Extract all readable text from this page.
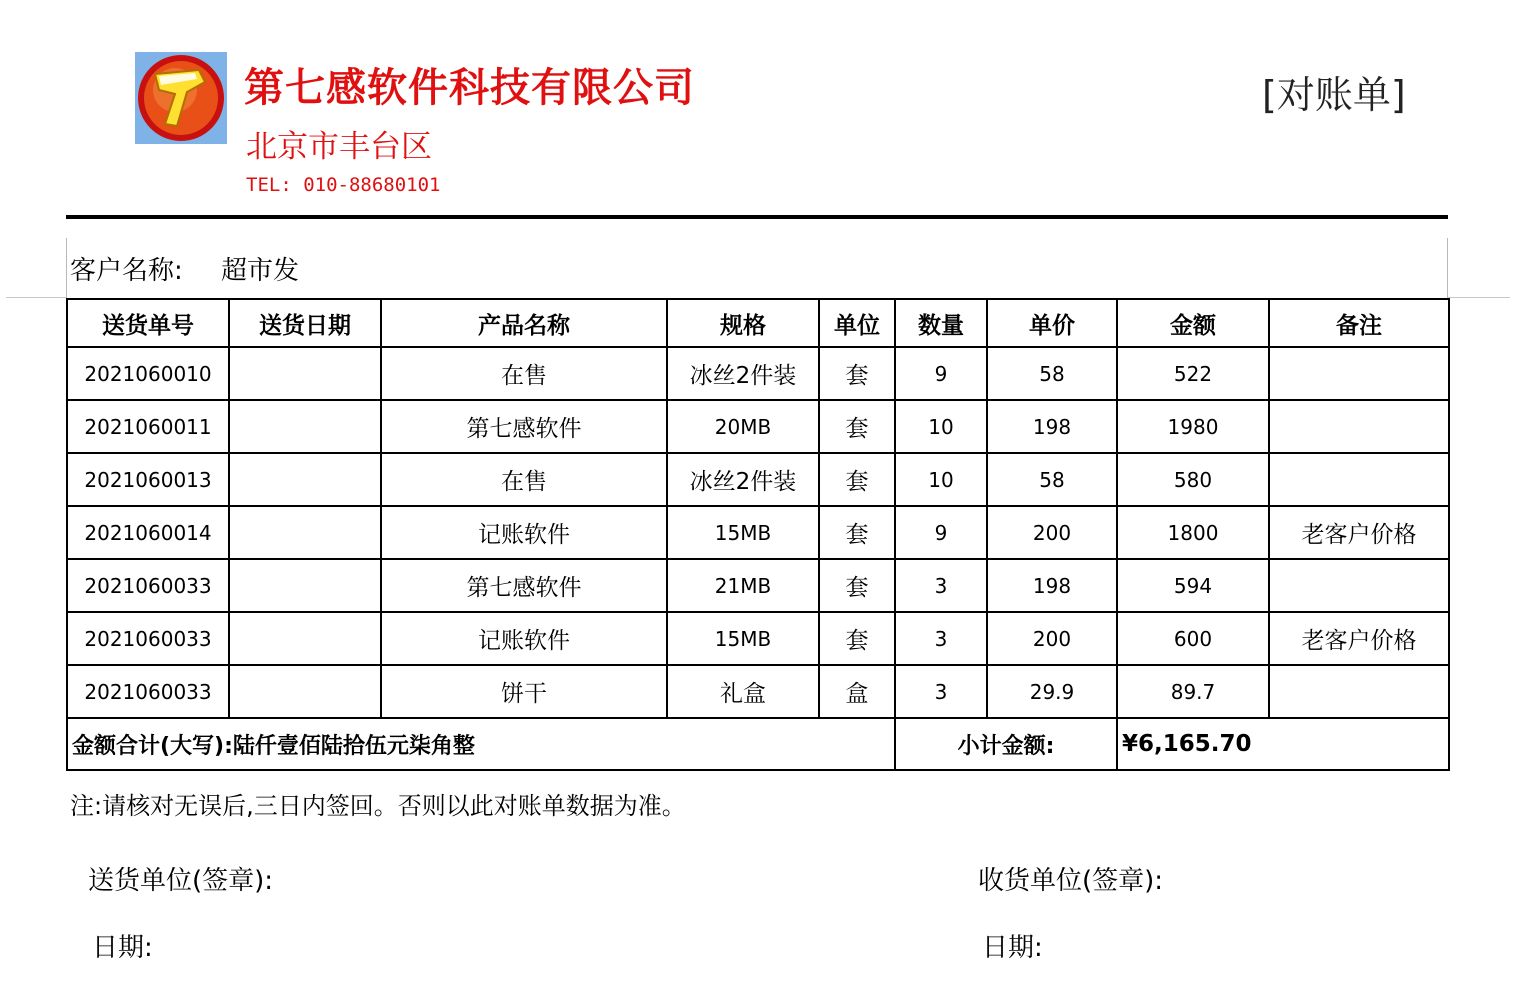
第七感软件科技有限公司
北京市丰台区
TEL: 010-88680101
[对账单]
客户名称: 超市发
送货单号	送货日期	产品名称	规格	单位	数量	单价	金额	备注
2021060010		在售	冰丝2件装	套	9	58	522	
2021060011		第七感软件	20MB	套	10	198	1980	
2021060013		在售	冰丝2件装	套	10	58	580	
2021060014		记账软件	15MB	套	9	200	1800	老客户价格
2021060033		第七感软件	21MB	套	3	198	594	
2021060033		记账软件	15MB	套	3	200	600	老客户价格
2021060033		饼干	礼盒	盒	3	29.9	89.7	
金额合计(大写):陆仟壹佰陆拾伍元柒角整					小计金额:		¥6,165.70	
注:请核对无误后,三日内签回。否则以此对账单数据为准。
送货单位(签章):	收货单位(签章):
日期:	日期:
